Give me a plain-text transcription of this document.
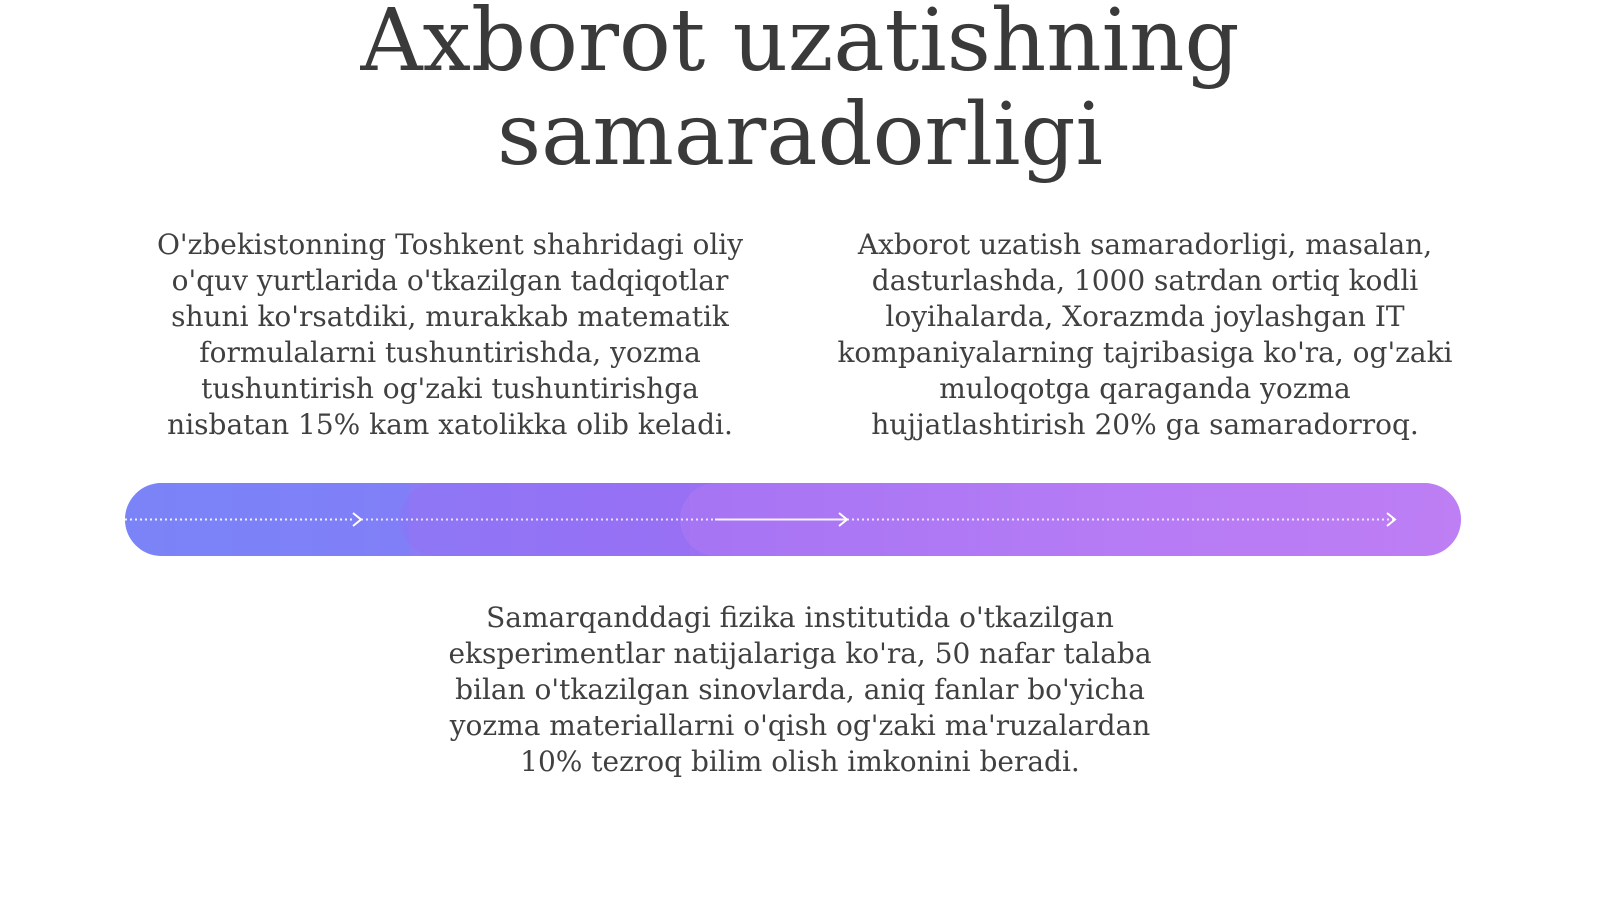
Axborot uzatishning
samaradorligi

O'zbekistonning Toshkent shahridagi oliy o'quv yurtlarida o'tkazilgan tadqiqotlar shuni ko'rsatdiki, murakkab matematik formulalarni tushuntirishda, yozma tushuntirish og'zaki tushuntirishga nisbatan 15% kam xatolikka olib keladi.

Axborot uzatish samaradorligi, masalan, dasturlashda, 1000 satrdan ortiq kodli loyihalarda, Xorazmda joylashgan IT kompaniyalarning tajribasiga ko'ra, og'zaki muloqotga qaraganda yozma hujjatlashtirish 20% ga samaradorroq.

Samarqanddagi fizika institutida o'tkazilgan eksperimentlar natijalariga ko'ra, 50 nafar talaba bilan o'tkazilgan sinovlarda, aniq fanlar bo'yicha yozma materiallarni o'qish og'zaki ma'ruzalardan 10% tezroq bilim olish imkonini beradi.
